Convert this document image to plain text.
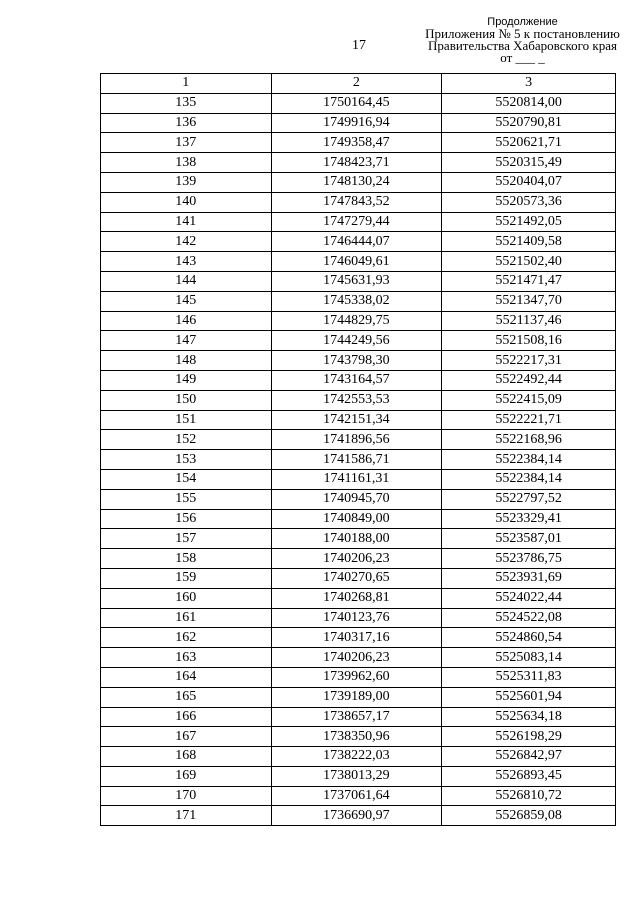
17
Продолжение
Приложения № 5 к постановлению
Правительства Хабаровского края
от ___ _
1	2	3
135	1750164,45	5520814,00
136	1749916,94	5520790,81
137	1749358,47	5520621,71
138	1748423,71	5520315,49
139	1748130,24	5520404,07
140	1747843,52	5520573,36
141	1747279,44	5521492,05
142	1746444,07	5521409,58
143	1746049,61	5521502,40
144	1745631,93	5521471,47
145	1745338,02	5521347,70
146	1744829,75	5521137,46
147	1744249,56	5521508,16
148	1743798,30	5522217,31
149	1743164,57	5522492,44
150	1742553,53	5522415,09
151	1742151,34	5522221,71
152	1741896,56	5522168,96
153	1741586,71	5522384,14
154	1741161,31	5522384,14
155	1740945,70	5522797,52
156	1740849,00	5523329,41
157	1740188,00	5523587,01
158	1740206,23	5523786,75
159	1740270,65	5523931,69
160	1740268,81	5524022,44
161	1740123,76	5524522,08
162	1740317,16	5524860,54
163	1740206,23	5525083,14
164	1739962,60	5525311,83
165	1739189,00	5525601,94
166	1738657,17	5525634,18
167	1738350,96	5526198,29
168	1738222,03	5526842,97
169	1738013,29	5526893,45
170	1737061,64	5526810,72
171	1736690,97	5526859,08
